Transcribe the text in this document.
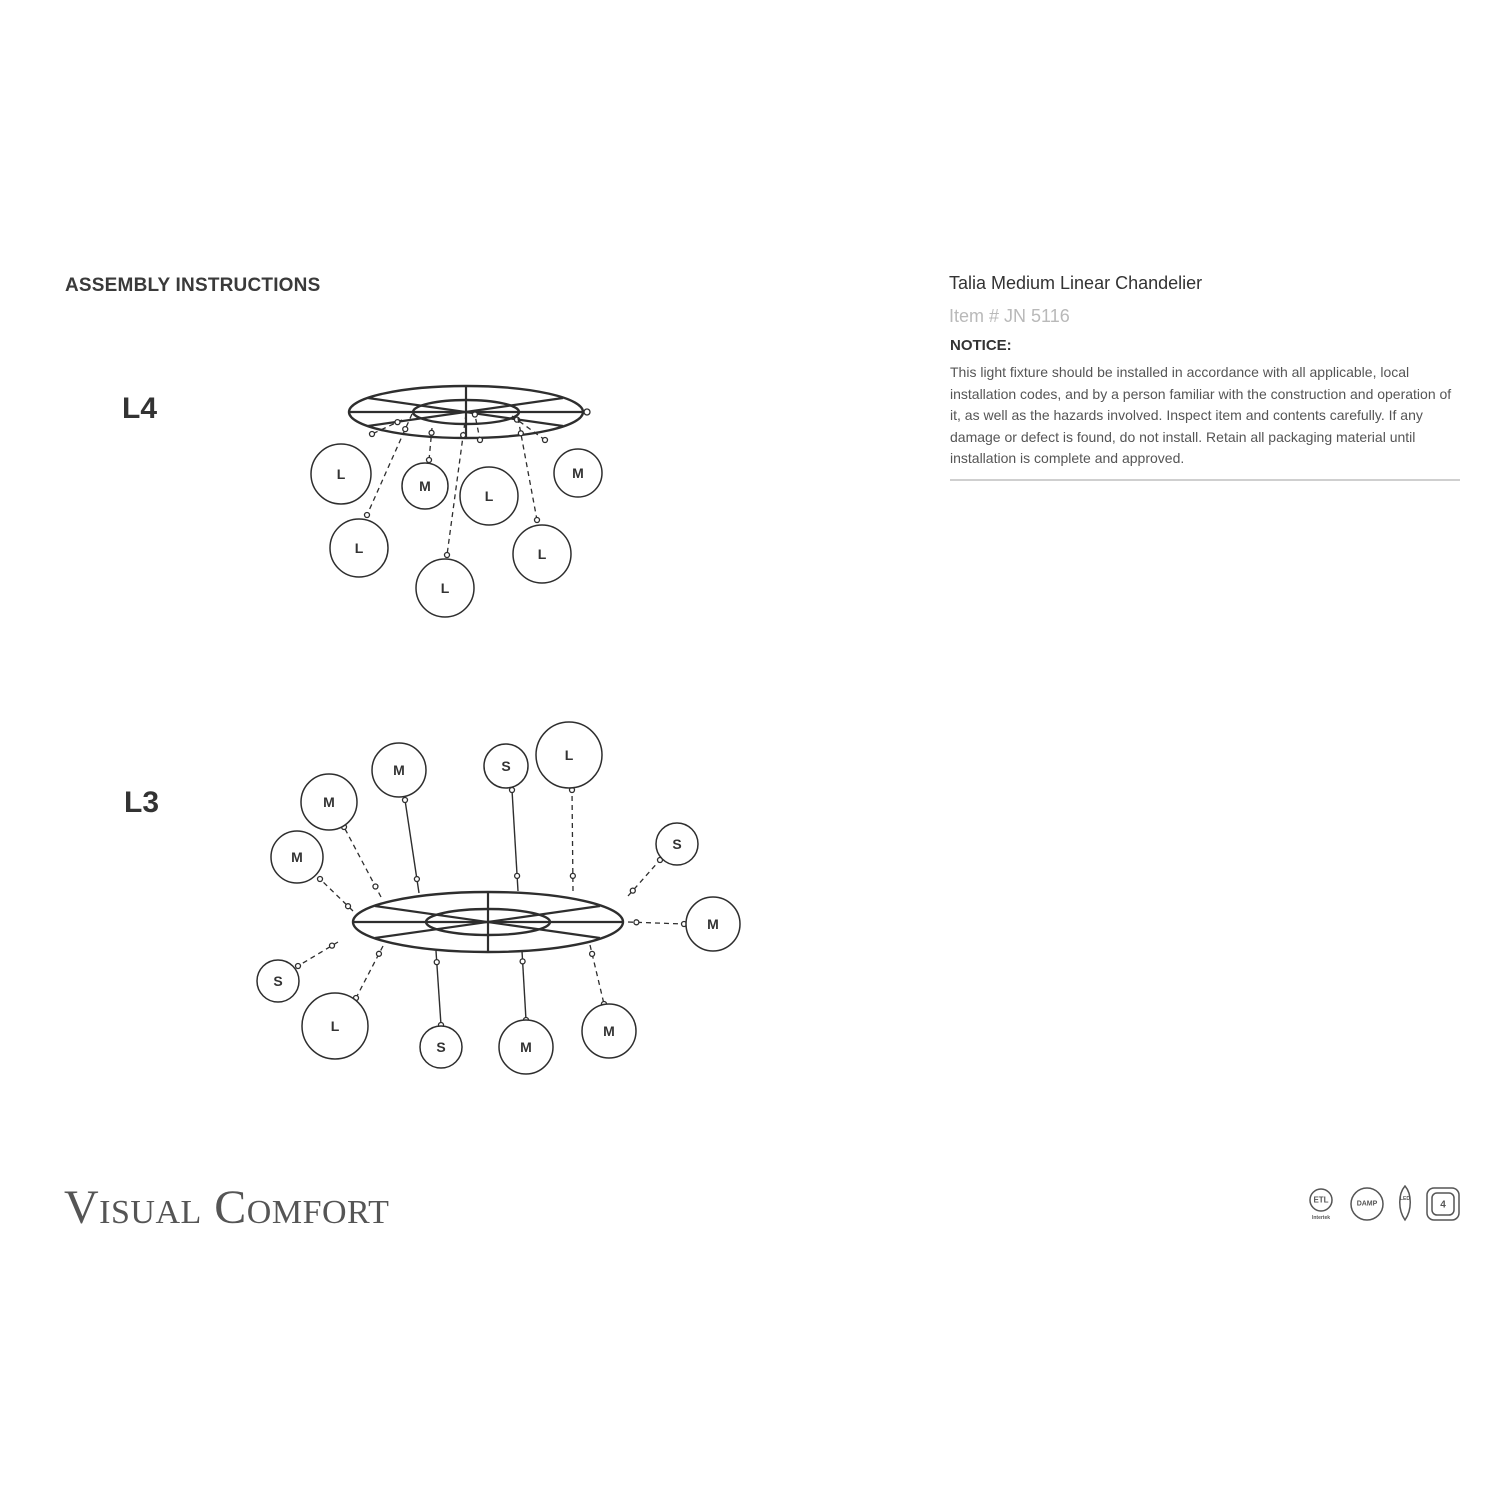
ASSEMBLY INSTRUCTIONS
L4
L3
Talia Medium Linear Chandelier
Item # JN 5116
NOTICE:

This light fixture should be installed in accordance with all applicable, local installation codes, and by a person familiar with the construction and operation of it, as well as the hazards involved. Inspect item and contents carefully. If any damage or defect is found, do not install. Retain all packaging material until installation is complete and approved.

Visual Comfort
L
M
L
M
L
L
L
M
M
M
S
L
S
M
S
L
S	M
M
ETL
Intertek
DAMP
LED
4
